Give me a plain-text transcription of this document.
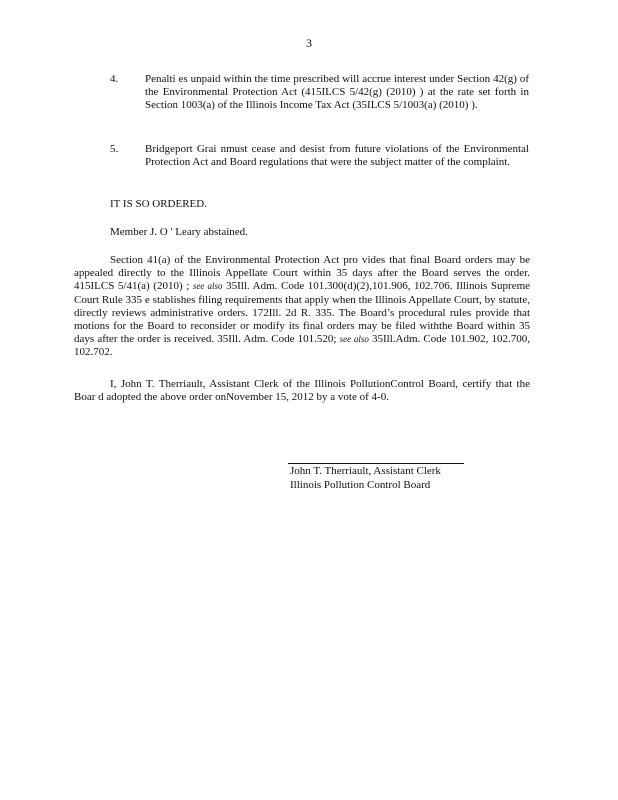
3
4. Penalti es unpaid within the time prescribed will accrue interest under Section 42(g) of the Environmental Protection Act (415ILCS 5/42(g) (2010) ) at the rate set forth in Section 1003(a) of the Illinois Income Tax Act (35ILCS 5/1003(a) (2010) ).
5. Bridgeport Grai nmust cease and desist from future violations of the Environmental Protection Act and Board regulations that were the subject matter of the complaint.
IT IS SO ORDERED.
Member J. O ' Leary abstained.
Section 41(a) of the Environmental Protection Act pro vides that final Board orders may be appealed directly to the Illinois Appellate Court within 35 days after the Board serves the order. 415ILCS 5/41(a) (2010) ; see also 35Ill. Adm. Code 101.300(d)(2),101.906, 102.706. Illinois Supreme Court Rule 335 e stablishes filing requirements that apply when the Illinois Appellate Court, by statute, directly reviews administrative orders. 172Ill. 2d R. 335. The Board’s procedural rules provide that motions for the Board to reconsider or modify its final orders may be filed withthe Board within 35 days after the order is received. 35Ill. Adm. Code 101.520; see also 35Ill.Adm. Code 101.902, 102.700, 102.702.
I, John T. Therriault, Assistant Clerk of the Illinois PollutionControl Board, certify that the Boar d adopted the above order onNovember 15, 2012 by a vote of 4-0.
John T. Therriault, Assistant Clerk
Illinois Pollution Control Board
